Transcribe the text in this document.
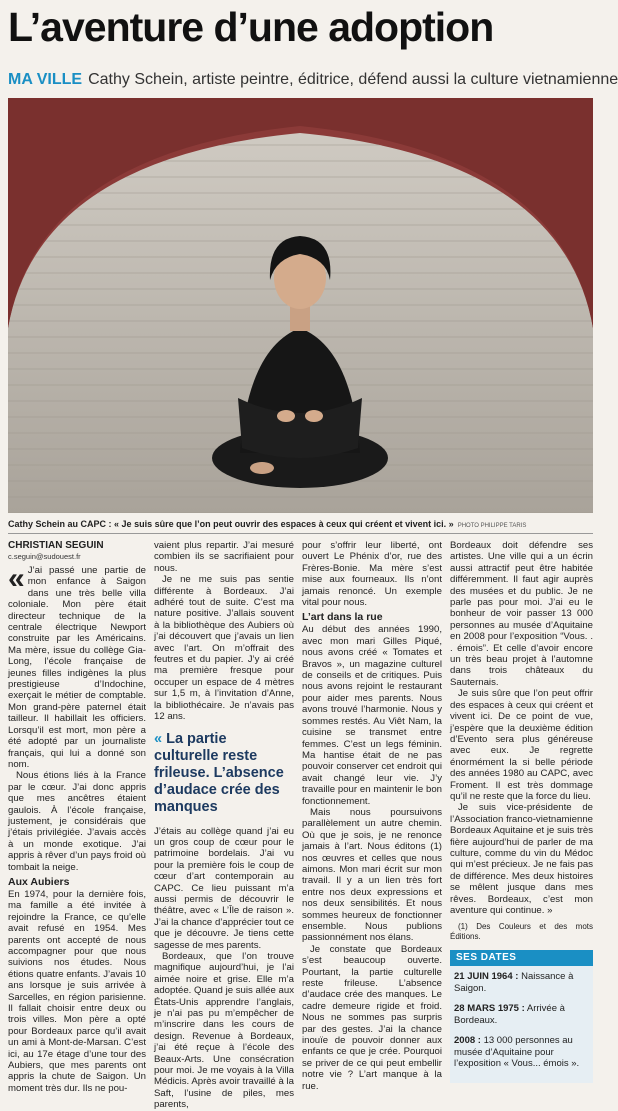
L’aventure d’une adoption
MA VILLE Cathy Schein, artiste peintre, éditrice, défend aussi la culture vietnamienne
Cathy Schein au CAPC : « Je suis sûre que l’on peut ouvrir des espaces à ceux qui créent et vivent ici. » PHOTO PHILIPPE TARIS
CHRISTIAN SEGUIN
c.seguin@sudouest.fr

« J’ai passé une partie de mon enfance à Saigon dans une très belle villa coloniale. Mon père était directeur technique de la centrale électrique Newport construite par les Américains. Ma mère, issue du collège Gia-Long, l’école française de jeunes filles indigènes la plus prestigieuse d’Indochine, exerçait le métier de comptable. Mon grand-père paternel était tailleur. Il habillait les officiers. Lorsqu’il est mort, mon père a été adopté par un journaliste français, qui lui a donné son nom.

Nous étions liés à la France par le cœur. J’ai donc appris que mes ancêtres étaient gaulois. À l’école française, justement, je considérais que j’étais privilégiée. J’avais accès à un monde exotique. J’ai appris à rêver d’un pays froid où tombait la neige.

Aux Aubiers

En 1974, pour la dernière fois, ma famille a été invitée à rejoindre la France, ce qu’elle avait refusé en 1954. Mes parents ont accepté de nous accompagner pour que nous suivions nos études. Nous étions quatre enfants. J’avais 10 ans lorsque je suis arrivée à Sarcelles, en région parisienne. Il fallait choisir entre deux ou trois villes. Mon père a opté pour Bordeaux parce qu’il avait un ami à Mont-de-Marsan. C’est ici, au 17e étage d’une tour des Aubiers, que mes parents ont appris la chute de Saigon. Un moment très dur. Ils ne pou-

vaient plus repartir. J’ai mesuré combien ils se sacrifiaient pour nous.

Je ne me suis pas sentie différente à Bordeaux. J’ai adhéré tout de suite. C’est ma nature positive. J’allais souvent à la bibliothèque des Aubiers où j’ai découvert que j’avais un lien avec l’art. On m’offrait des feutres et du papier. J’y ai créé ma première fresque pour occuper un espace de 4 mètres sur 1,5 m, à l’invitation d’Anne, la bibliothécaire. Je n’avais pas 12 ans.

« La partie culturelle reste frileuse. L’absence d’audace crée des manques

J’étais au collège quand j’ai eu un gros coup de cœur pour le patrimoine bordelais. J’ai vu pour la première fois le coup de cœur d’art contemporain au CAPC. Ce lieu puissant m’a aussi permis de découvrir le théâtre, avec « L’Île de raison ». J’ai la chance d’apprécier tout ce que je découvre. Je tiens cette sagesse de mes parents.

Bordeaux, que l’on trouve magnifique aujourd’hui, je l’ai aimée noire et grise. Elle m’a adoptée. Quand je suis allée aux États-Unis apprendre l’anglais, je n’ai pas pu m’empêcher de m’inscrire dans les cours de design. Revenue à Bordeaux, j’ai été reçue à l’école des Beaux-Arts. Une consécration pour moi. Je me voyais à la Villa Médicis. Après avoir travaillé à la Saft, l’usine de piles, mes parents,

pour s’offrir leur liberté, ont ouvert Le Phénix d’or, rue des Frères-Bonie. Ma mère s’est mise aux fourneaux. Ils n’ont jamais renoncé. Un exemple vital pour nous.

L’art dans la rue

Au début des années 1990, avec mon mari Gilles Piqué, nous avons créé « Tomates et Bravos », un magazine culturel de conseils et de critiques. Puis nous avons rejoint le restaurant pour aider mes parents. Nous avons trouvé l’harmonie. Nous y sommes restés. Au Viêt Nam, la cuisine se transmet entre femmes. C’est un legs féminin. Ma hantise était de ne pas pouvoir conserver cet endroit qui avait changé leur vie. J’y travaille pour en maintenir le bon fonctionnement.

Mais nous poursuivons parallèlement un autre chemin. Où que je sois, je ne renonce jamais à l’art. Nous éditons (1) nos œuvres et celles que nous aimons. Mon mari écrit sur mon travail. Il y a un lien très fort entre nos deux expressions et nos deux sensibilités. Et nous sommes heureux de fonctionner ensemble. Nous publions passionnément nos élans.

Je constate que Bordeaux s’est beaucoup ouverte. Pourtant, la partie culturelle reste frileuse. L’absence d’audace crée des manques. Le cadre demeure rigide et froid. Nous ne sommes pas surpris par des gestes. J’ai la chance inouïe de pouvoir donner aux enfants ce que je crée. Pourquoi se priver de ce qui peut embellir notre vie ? L’art manque à la rue.

Bordeaux doit défendre ses artistes. Une ville qui a un écrin aussi attractif peut être habitée différemment. Il faut agir auprès des musées et du public. Je ne parle pas pour moi. J’ai eu le bonheur de voir passer 13 000 personnes au musée d’Aquitaine en 2008 pour l’exposition “Vous. . . émois”. Et celle d’avoir encore un très beau projet à l’automne dans trois châteaux du Sauternais.

Je suis sûre que l’on peut offrir des espaces à ceux qui créent et vivent ici. De ce point de vue, j’espère que la deuxième édition d’Evento sera plus généreuse avec eux. Je regrette énormément la si belle période des années 1980 au CAPC, avec Froment. Il est très dommage qu’il ne reste que la force du lieu.

Je suis vice-présidente de l’Association franco-vietnamienne Bordeaux Aquitaine et je suis très fière aujourd’hui de parler de ma culture, comme du vin du Médoc qui m’est précieux. Je ne fais pas de différence. Mes deux histoires se mêlent jusque dans mes rêves. Bordeaux, c’est mon aventure qui continue. »

(1) Des Couleurs et des mots Éditions.

SES DATES
21 JUIN 1964 : Naissance à Saigon.
28 MARS 1975 : Arrivée à Bordeaux.
2008 : 13 000 personnes au musée d’Aquitaine pour l’exposition « Vous... émois ».
